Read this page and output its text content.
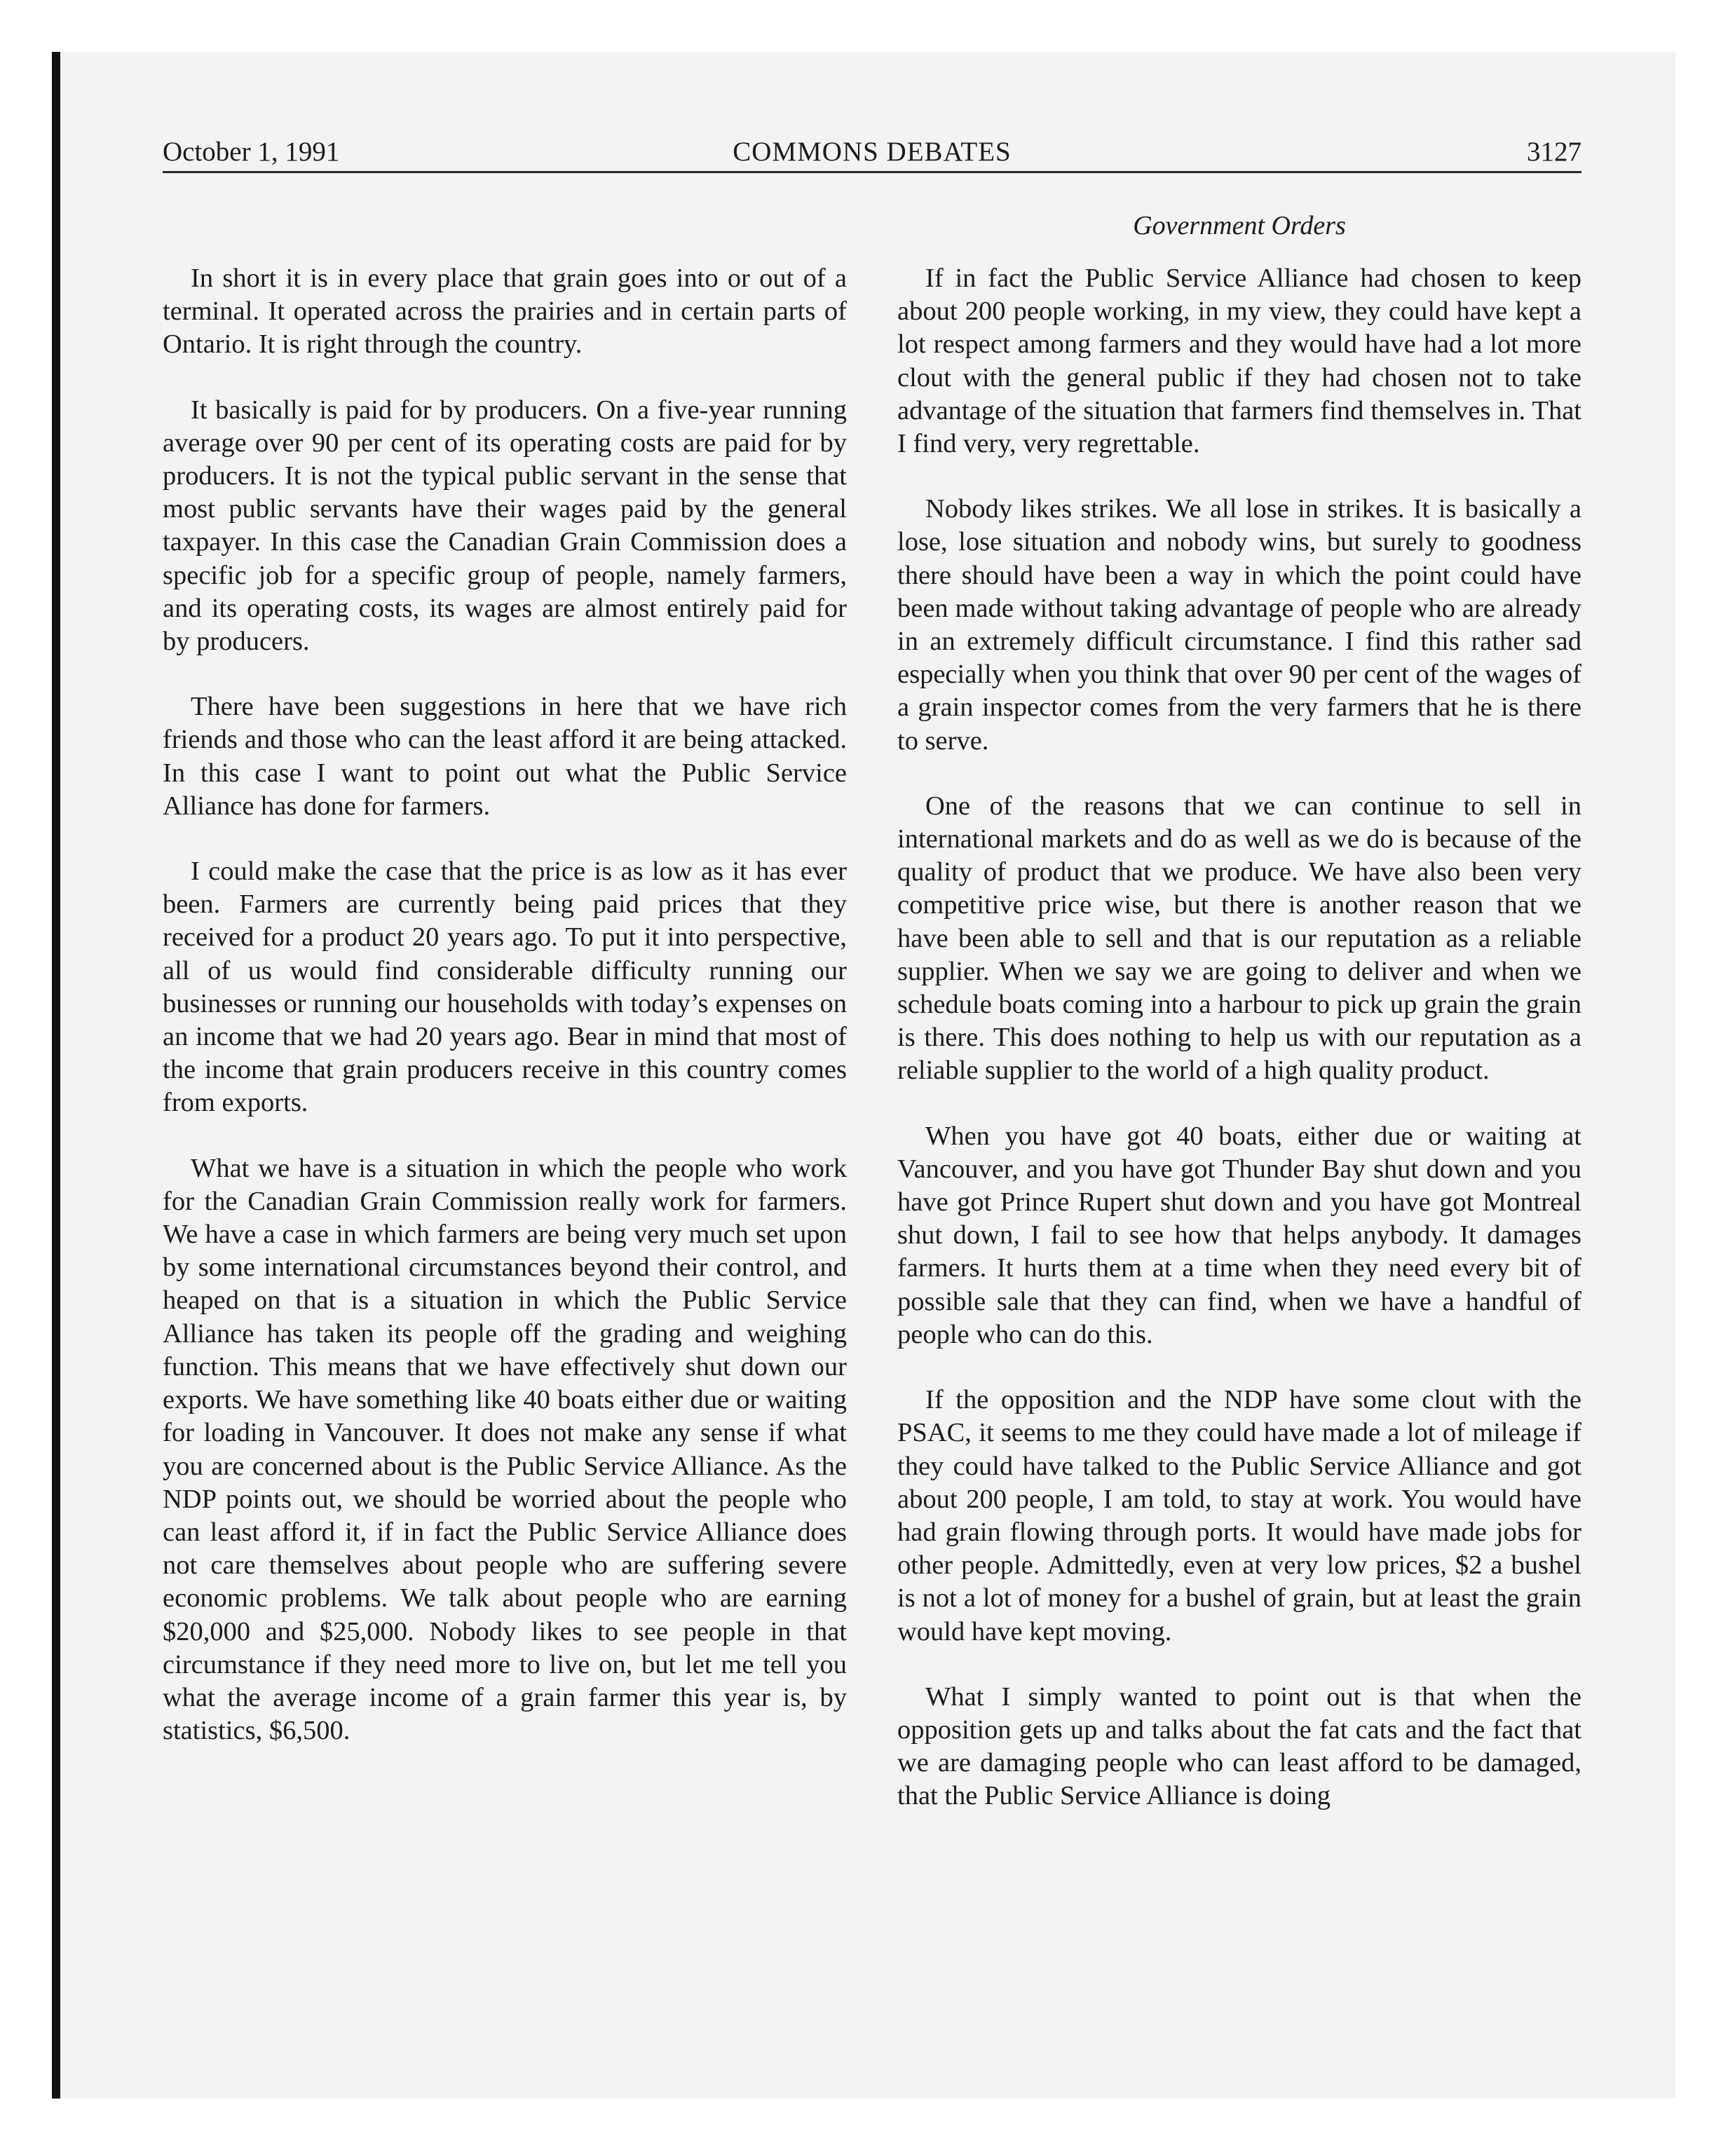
October 1, 1991	COMMONS DEBATES	3127
Government Orders

In short it is in every place that grain goes into or out of a terminal. It operated across the prairies and in certain parts of Ontario. It is right through the country.

It basically is paid for by producers. On a five-year running average over 90 per cent of its operating costs are paid for by producers. It is not the typical public servant in the sense that most public servants have their wages paid by the general taxpayer. In this case the Canadian Grain Commission does a specific job for a specific group of people, namely farmers, and its operating costs, its wages are almost entirely paid for by producers.

There have been suggestions in here that we have rich friends and those who can the least afford it are being attacked. In this case I want to point out what the Public Service Alliance has done for farmers.

I could make the case that the price is as low as it has ever been. Farmers are currently being paid prices that they received for a product 20 years ago. To put it into perspective, all of us would find considerable difficulty running our businesses or running our households with today’s expenses on an income that we had 20 years ago. Bear in mind that most of the income that grain producers receive in this country comes from exports.

What we have is a situation in which the people who work for the Canadian Grain Commission really work for farmers. We have a case in which farmers are being very much set upon by some international circumstances beyond their control, and heaped on that is a situation in which the Public Service Alliance has taken its people off the grading and weighing function. This means that we have effectively shut down our exports. We have something like 40 boats either due or waiting for loading in Vancouver. It does not make any sense if what you are concerned about is the Public Service Alliance. As the NDP points out, we should be worried about the people who can least afford it, if in fact the Public Service Alliance does not care themselves about people who are suffering severe economic problems. We talk about people who are earning $20,000 and $25,000. Nobody likes to see people in that circumstance if they need more to live on, but let me tell you what the average income of a grain farmer this year is, by statistics, $6,500.

If in fact the Public Service Alliance had chosen to keep about 200 people working, in my view, they could have kept a lot respect among farmers and they would have had a lot more clout with the general public if they had chosen not to take advantage of the situation that farmers find themselves in. That I find very, very regrettable.

Nobody likes strikes. We all lose in strikes. It is basically a lose, lose situation and nobody wins, but surely to goodness there should have been a way in which the point could have been made without taking advantage of people who are already in an extremely difficult circumstance. I find this rather sad especially when you think that over 90 per cent of the wages of a grain inspector comes from the very farmers that he is there to serve.

One of the reasons that we can continue to sell in international markets and do as well as we do is because of the quality of product that we produce. We have also been very competitive price wise, but there is another reason that we have been able to sell and that is our reputation as a reliable supplier. When we say we are going to deliver and when we schedule boats coming into a harbour to pick up grain the grain is there. This does nothing to help us with our reputation as a reliable supplier to the world of a high quality product.

When you have got 40 boats, either due or waiting at Vancouver, and you have got Thunder Bay shut down and you have got Prince Rupert shut down and you have got Montreal shut down, I fail to see how that helps anybody. It damages farmers. It hurts them at a time when they need every bit of possible sale that they can find, when we have a handful of people who can do this.

If the opposition and the NDP have some clout with the PSAC, it seems to me they could have made a lot of mileage if they could have talked to the Public Service Alliance and got about 200 people, I am told, to stay at work. You would have had grain flowing through ports. It would have made jobs for other people. Admittedly, even at very low prices, $2 a bushel is not a lot of money for a bushel of grain, but at least the grain would have kept moving.

What I simply wanted to point out is that when the opposition gets up and talks about the fat cats and the fact that we are damaging people who can least afford to be damaged, that the Public Service Alliance is doing
